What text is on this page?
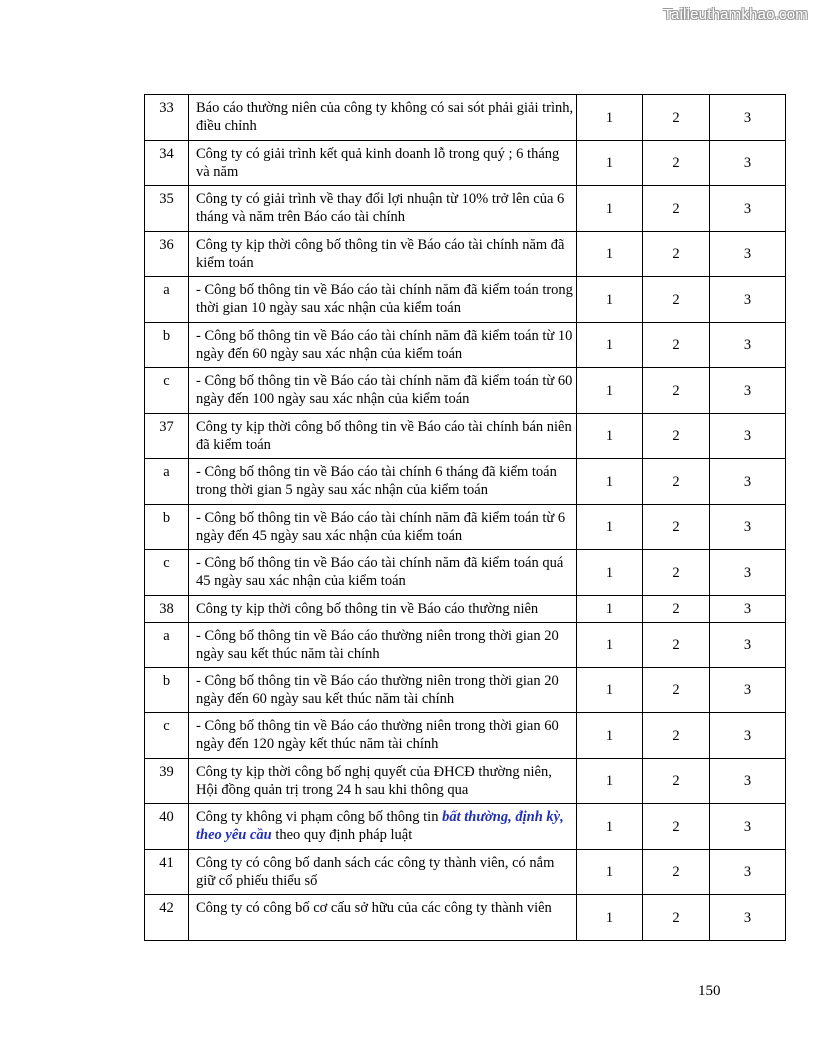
Tailieuthamkhao.com
33	Báo cáo thường niên của công ty không có sai sót phải giải trình, điều chỉnh	1	2	3
34	Công ty có giải trình kết quả kinh doanh lỗ trong quý ; 6 tháng và năm	1	2	3
35	Công ty có giải trình về thay đổi lợi nhuận từ 10% trở lên của 6 tháng và năm trên Báo cáo tài chính	1	2	3
36	Công ty kịp thời công bố thông tin về Báo cáo tài chính năm đã kiểm toán	1	2	3
a	- Công bố thông tin về Báo cáo tài chính năm đã kiểm toán trong thời gian 10 ngày sau xác nhận của kiểm toán	1	2	3
b	- Công bố thông tin về Báo cáo tài chính năm đã kiểm toán từ 10 ngày đến 60 ngày sau xác nhận của kiểm toán	1	2	3
c	- Công bố thông tin về Báo cáo tài chính năm đã kiểm toán từ 60 ngày đến 100 ngày sau xác nhận của kiểm toán	1	2	3
37	Công ty kịp thời công bố thông tin về Báo cáo tài chính bán niên đã kiểm toán	1	2	3
a	- Công bố thông tin về Báo cáo tài chính 6 tháng đã kiểm toán trong thời gian 5 ngày sau xác nhận của kiểm toán	1	2	3
b	- Công bố thông tin về Báo cáo tài chính năm đã kiểm toán từ 6 ngày đến 45 ngày sau xác nhận của kiểm toán	1	2	3
c	- Công bố thông tin về Báo cáo tài chính năm đã kiểm toán quá 45 ngày sau xác nhận của kiểm toán	1	2	3
38	Công ty kịp thời công bố thông tin về Báo cáo thường niên	1	2	3
a	- Công bố thông tin về Báo cáo thường niên trong thời gian 20 ngày sau kết thúc năm tài chính	1	2	3
b	- Công bố thông tin về Báo cáo thường niên trong thời gian 20 ngày đến 60 ngày sau kết thúc năm tài chính	1	2	3
c	- Công bố thông tin về Báo cáo thường niên trong thời gian 60 ngày đến 120 ngày kết thúc năm tài chính	1	2	3
39	Công ty kịp thời công bố nghị quyết của ĐHCĐ thường niên, Hội đồng quản trị trong 24 h sau khi thông qua	1	2	3
40	Công ty không vi phạm công bố thông tin bất thường, định kỳ, theo yêu cầu theo quy định pháp luật	1	2	3
41	Công ty có công bố danh sách các công ty thành viên, có nắm giữ cổ phiếu thiểu số	1	2	3
42	Công ty có công bố cơ cấu sở hữu của các công ty thành viên	1	2	3
150
